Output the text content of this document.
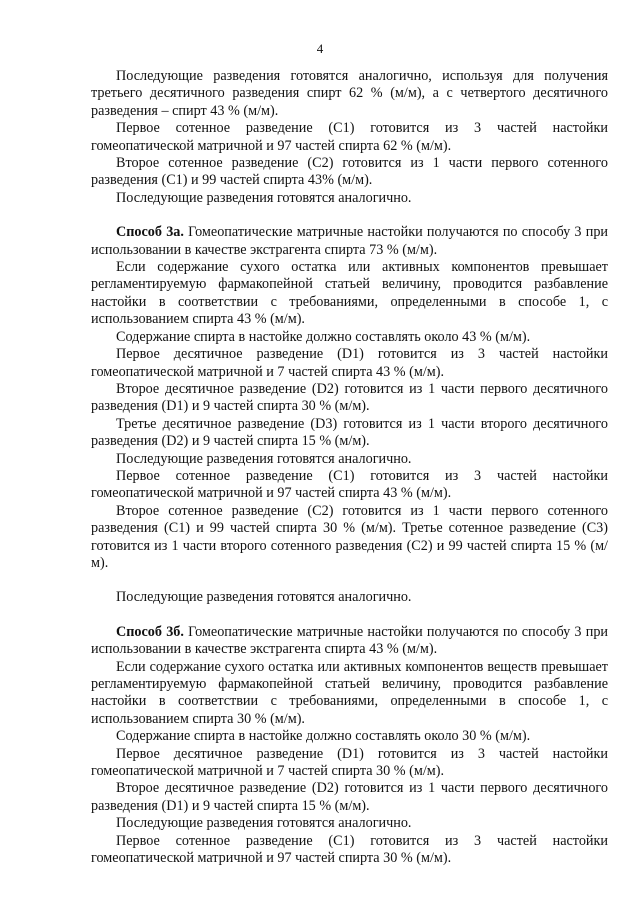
4

Последующие разведения готовятся аналогично, используя для получения третьего десятичного разведения спирт 62 % (м/м), а с четвертого десятичного разведения – спирт 43 % (м/м).

Первое сотенное разведение (С1) готовится из 3 частей настойки гомеопатической матричной и 97 частей спирта 62 % (м/м).

Второе сотенное разведение (С2) готовится из 1 части первого сотенного разведения (С1) и 99 частей спирта 43% (м/м).

Последующие разведения готовятся аналогично.

Способ 3а. Гомеопатические матричные настойки получаются по способу 3 при использовании в качестве экстрагента спирта 73 % (м/м).

Если содержание сухого остатка или активных компонентов превышает регламентируемую фармакопейной статьей величину, проводится разбавление настойки в соответствии с требованиями, определенными в способе 1, с использованием спирта 43 % (м/м).

Содержание спирта в настойке должно составлять около 43 % (м/м).

Первое десятичное разведение (D1) готовится из 3 частей настойки гомеопатической матричной и 7 частей спирта 43 % (м/м).

Второе десятичное разведение (D2) готовится из 1 части первого десятичного разведения (D1) и 9 частей спирта 30 % (м/м).

Третье десятичное разведение (D3) готовится из 1 части второго десятичного разведения (D2) и 9 частей спирта 15 % (м/м).

Последующие разведения готовятся аналогично.

Первое сотенное разведение (С1) готовится из 3 частей настойки гомеопатической матричной и 97 частей спирта 43 % (м/м).

Второе сотенное разведение (С2) готовится из 1 части первого сотенного разведения (С1) и 99 частей спирта 30 % (м/м). Третье сотенное разведение (С3) готовится из 1 части второго сотенного разведения (С2) и 99 частей спирта 15 % (м/м).

Последующие разведения готовятся аналогично.

Способ 3б. Гомеопатические матричные настойки получаются по способу 3 при использовании в качестве экстрагента спирта 43 % (м/м).

Если содержание сухого остатка или активных компонентов веществ превышает регламентируемую фармакопейной статьей величину, проводится разбавление настойки в соответствии с требованиями, определенными в способе 1, с использованием спирта 30 % (м/м).

Содержание спирта в настойке должно составлять около 30 % (м/м).

Первое десятичное разведение (D1) готовится из 3 частей настойки гомеопатической матричной и 7 частей спирта 30 % (м/м).

Второе десятичное разведение (D2) готовится из 1 части первого десятичного разведения (D1) и 9 частей спирта 15 % (м/м).

Последующие разведения готовятся аналогично.

Первое сотенное разведение (С1) готовится из 3 частей настойки гомеопатической матричной и 97 частей спирта 30 % (м/м).
